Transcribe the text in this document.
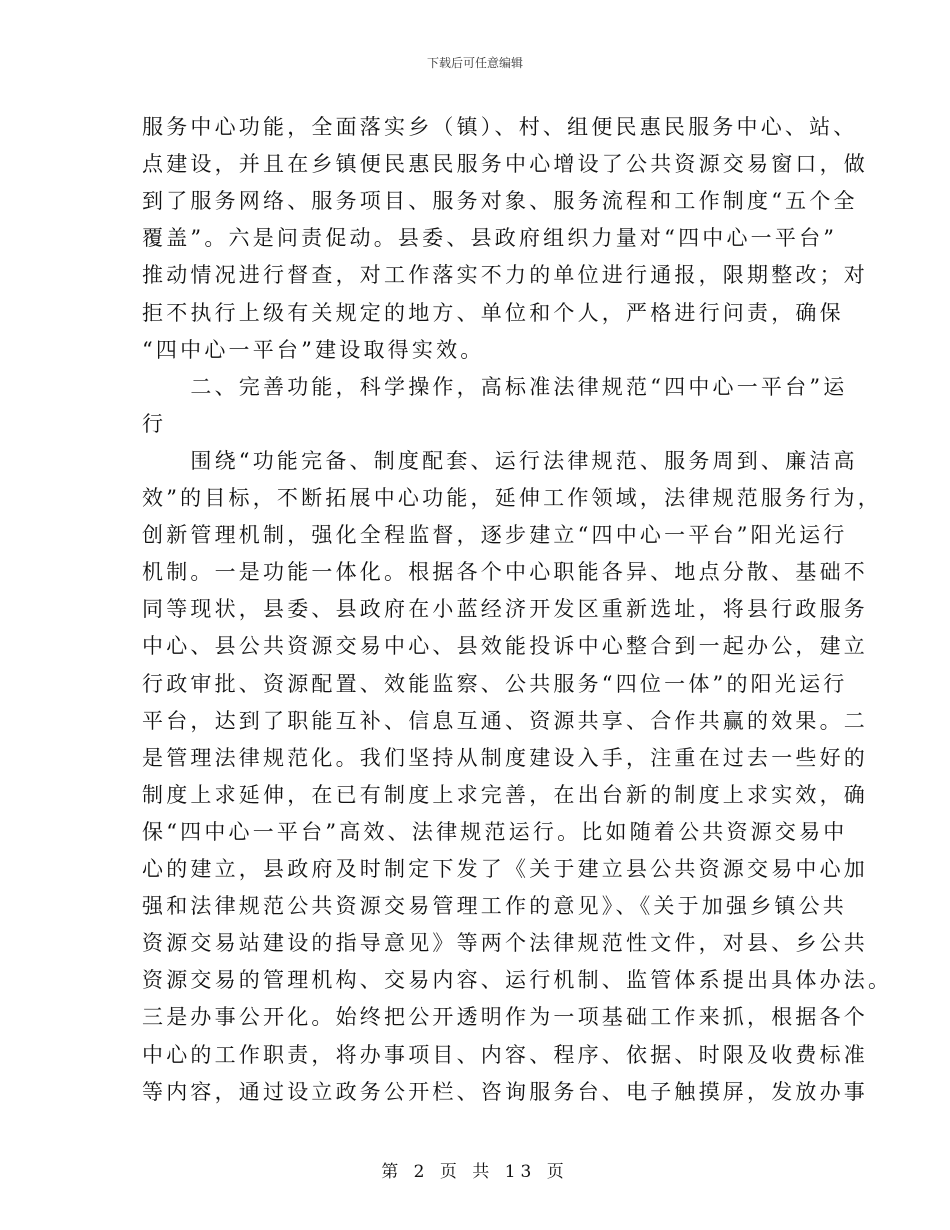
下载后可任意编辑
服务中心功能，全面落实乡（镇）、村、组便民惠民服务中心、站、
点建设，并且在乡镇便民惠民服务中心增设了公共资源交易窗口，做
到了服务网络、服务项目、服务对象、服务流程和工作制度“五个全
覆盖”。六是问责促动。县委、县政府组织力量对“四中心一平台”
推动情况进行督查，对工作落实不力的单位进行通报，限期整改；对
拒不执行上级有关规定的地方、单位和个人，严格进行问责，确保
“四中心一平台”建设取得实效。
　　二、完善功能，科学操作，高标准法律规范“四中心一平台”运
行
　　围绕“功能完备、制度配套、运行法律规范、服务周到、廉洁高
效”的目标，不断拓展中心功能，延伸工作领域，法律规范服务行为，
创新管理机制，强化全程监督，逐步建立“四中心一平台”阳光运行
机制。一是功能一体化。根据各个中心职能各异、地点分散、基础不
同等现状，县委、县政府在小蓝经济开发区重新选址，将县行政服务
中心、县公共资源交易中心、县效能投诉中心整合到一起办公，建立
行政审批、资源配置、效能监察、公共服务“四位一体”的阳光运行
平台，达到了职能互补、信息互通、资源共享、合作共赢的效果。二
是管理法律规范化。我们坚持从制度建设入手，注重在过去一些好的
制度上求延伸，在已有制度上求完善，在出台新的制度上求实效，确
保“四中心一平台”高效、法律规范运行。比如随着公共资源交易中
心的建立，县政府及时制定下发了《关于建立县公共资源交易中心加
强和法律规范公共资源交易管理工作的意见》、《关于加强乡镇公共
资源交易站建设的指导意见》等两个法律规范性文件，对县、乡公共
资源交易的管理机构、交易内容、运行机制、监管体系提出具体办法。
三是办事公开化。始终把公开透明作为一项基础工作来抓，根据各个
中心的工作职责，将办事项目、内容、程序、依据、时限及收费标准
等内容，通过设立政务公开栏、咨询服务台、电子触摸屏，发放办事
第 2 页 共 13 页
